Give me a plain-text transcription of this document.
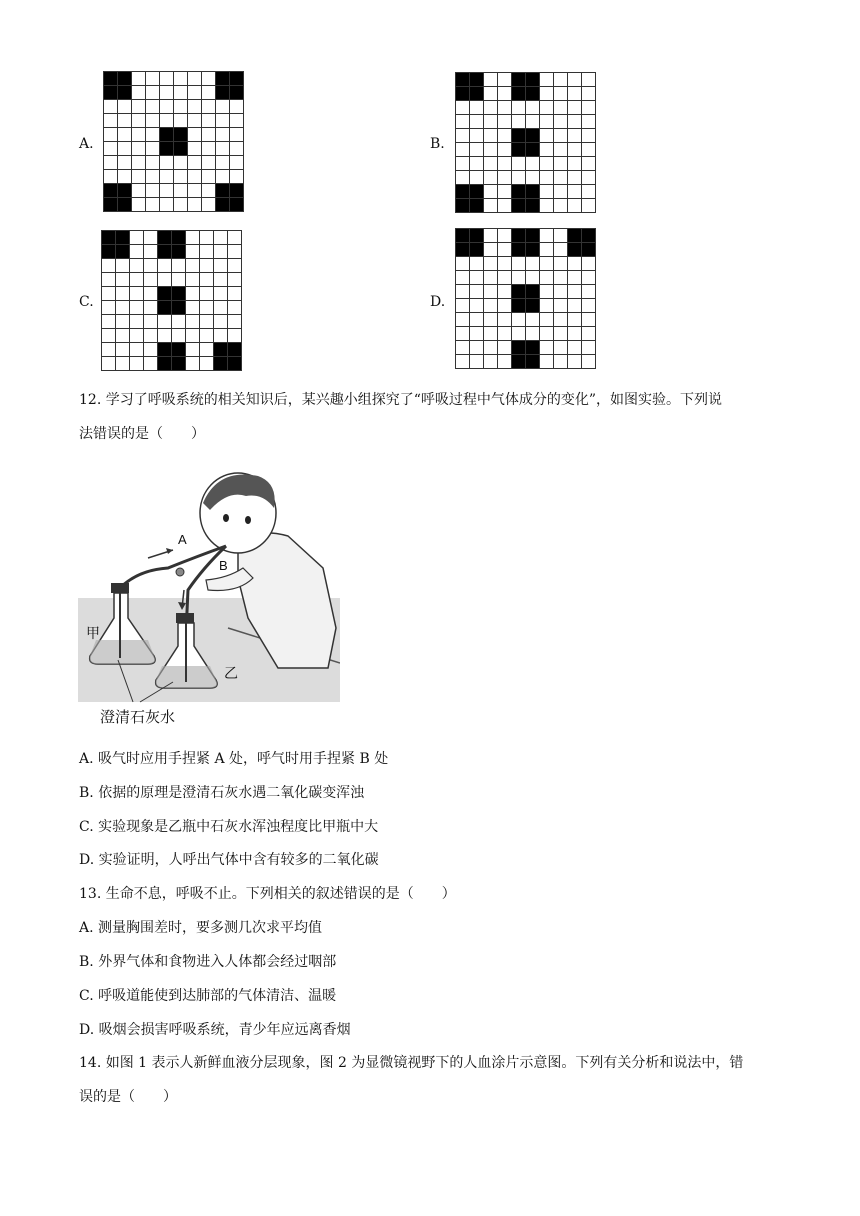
A.

										B.

C.

										D.

12. 学习了呼吸系统的相关知识后，某兴趣小组探究了“呼吸过程中气体成分的变化”，如图实验。下列说
法错误的是（　　）
A
B
甲
乙
澄清石灰水
A. 吸气时应用手捏紧 A 处，呼气时用手捏紧 B 处
B. 依据的原理是澄清石灰水遇二氧化碳变浑浊
C. 实验现象是乙瓶中石灰水浑浊程度比甲瓶中大
D. 实验证明，人呼出气体中含有较多的二氧化碳
13. 生命不息，呼吸不止。下列相关的叙述错误的是（　　）
A. 测量胸围差时，要多测几次求平均值
B. 外界气体和食物进入人体都会经过咽部
C. 呼吸道能使到达肺部的气体清洁、温暖
D. 吸烟会损害呼吸系统，青少年应远离香烟
14. 如图 1 表示人新鲜血液分层现象，图 2 为显微镜视野下的人血涂片示意图。下列有关分析和说法中，错
误的是（　　）
